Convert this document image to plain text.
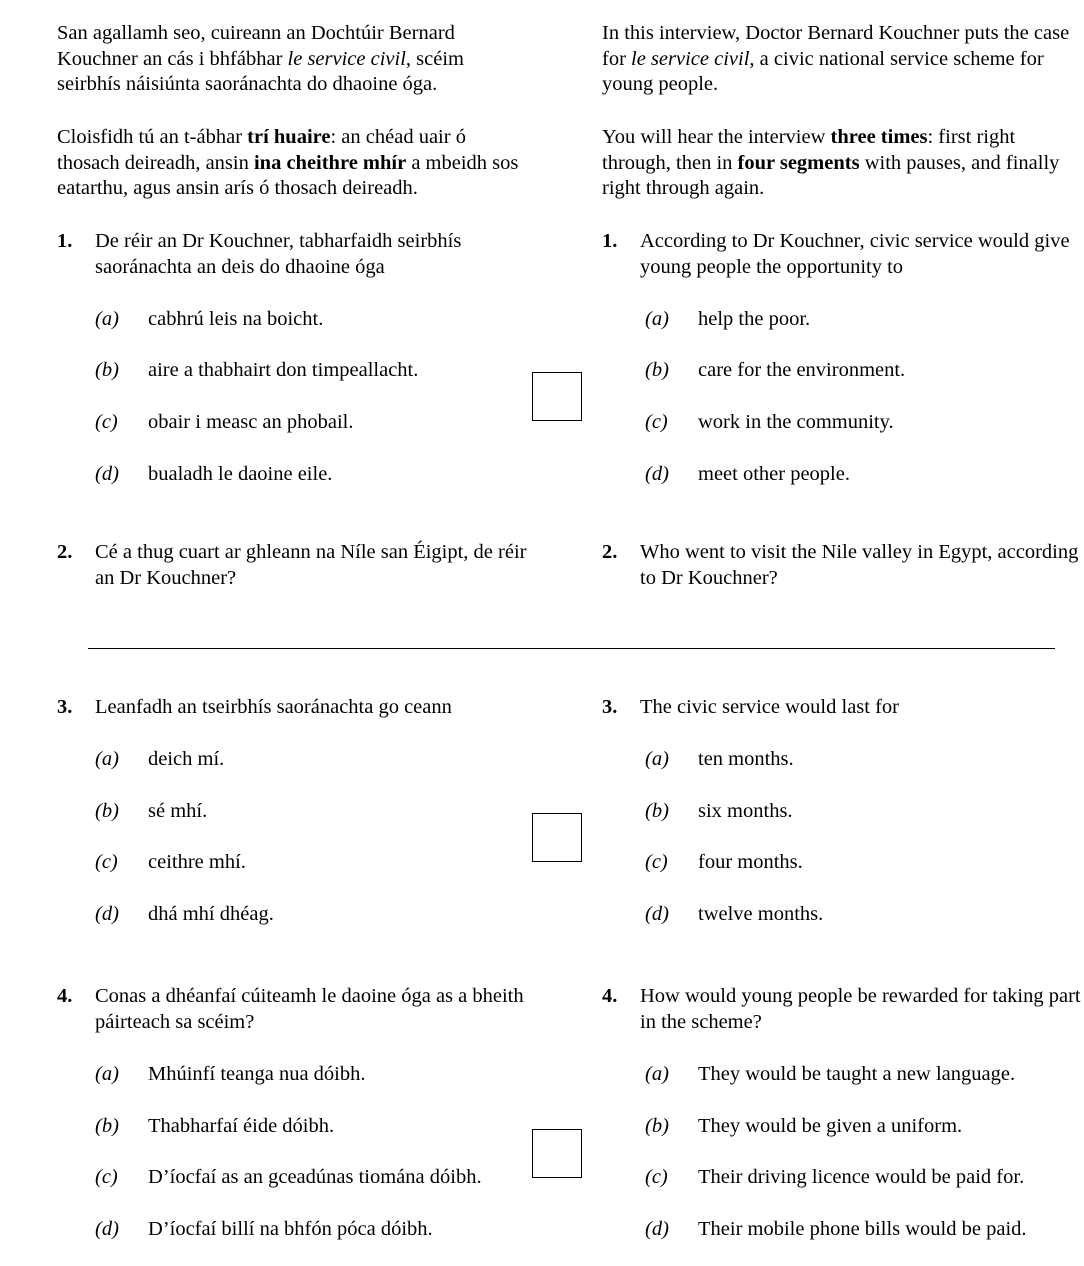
San agallamh seo, cuireann an Dochtúir Bernard Kouchner an cás i bhfábhar le service civil, scéim seirbhís náisiúnta saoránachta do dhaoine óga.
In this interview, Doctor Bernard Kouchner puts the case for le service civil, a civic national service scheme for young people.
Cloisfidh tú an t-ábhar trí huaire: an chéad uair ó thosach deireadh, ansin ina cheithre mhír a mbeidh sos eatarthu, agus ansin arís ó thosach deireadh.
You will hear the interview three times: first right through, then in four segments with pauses, and finally right through again.
1. De réir an Dr Kouchner, tabharfaidh seirbhís saoránachta an deis do dhaoine óga
1. According to Dr Kouchner, civic service would give young people the opportunity to
(a) cabhrú leis na boicht.
(b) aire a thabhairt don timpeallacht.
(c) obair i measc an phobail.
(d) bualadh le daoine eile.
(a) help the poor.
(b) care for the environment.
(c) work in the community.
(d) meet other people.
2. Cé a thug cuart ar ghleann na Níle san Éigipt, de réir an Dr Kouchner?
2. Who went to visit the Nile valley in Egypt, according to Dr Kouchner?
3. Leanfadh an tseirbhís saoránachta go ceann	3. The civic service would last for
(a) deich mí.
(b) sé mhí.
(c) ceithre mhí.
(d) dhá mhí dhéag.
(a) ten months.
(b) six months.
(c) four months.
(d) twelve months.
4. Conas a dhéanfaí cúiteamh le daoine óga as a bheith páirteach sa scéim?
4. How would young people be rewarded for taking part in the scheme?
(a) Mhúinfí teanga nua dóibh.
(b) Thabharfaí éide dóibh.
(c) D’íocfaí as an gceadúnas tiomána dóibh.
(d) D’íocfaí billí na bhfón póca dóibh.
(a) They would be taught a new language.
(b) They would be given a uniform.
(c) Their driving licence would be paid for.
(d) Their mobile phone bills would be paid.
